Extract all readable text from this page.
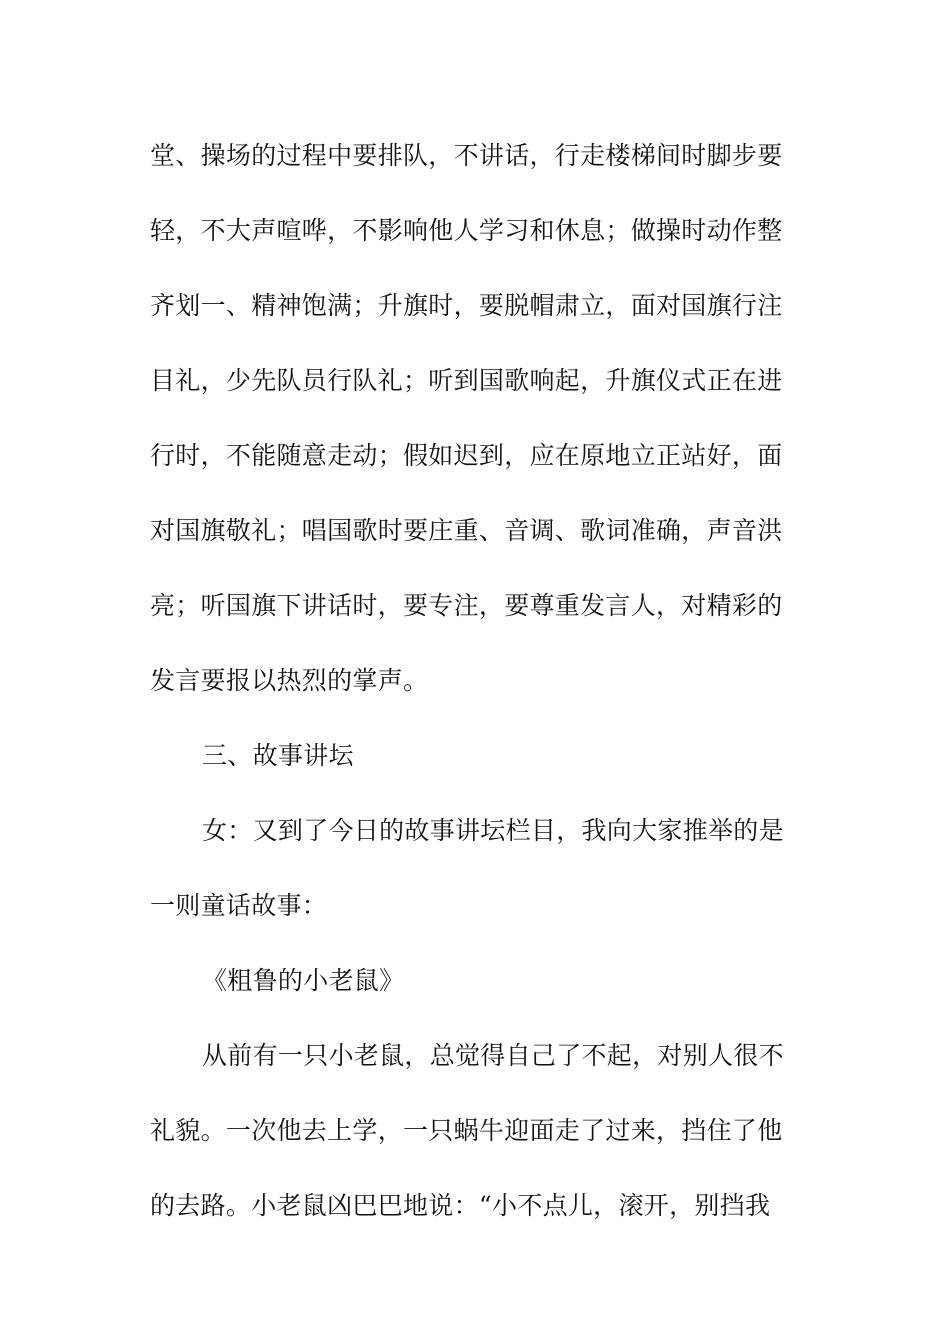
堂、操场的过程中要排队，不讲话，行走楼梯间时脚步要
轻，不大声喧哗，不影响他人学习和休息；做操时动作整
齐划一、精神饱满；升旗时，要脱帽肃立，面对国旗行注
目礼，少先队员行队礼；听到国歌响起，升旗仪式正在进
行时，不能随意走动；假如迟到，应在原地立正站好，面
对国旗敬礼；唱国歌时要庄重、音调、歌词准确，声音洪
亮；听国旗下讲话时，要专注，要尊重发言人，对精彩的
发言要报以热烈的掌声。
三、故事讲坛
女：又到了今日的故事讲坛栏目，我向大家推举的是
一则童话故事：
《粗鲁的小老鼠》
从前有一只小老鼠，总觉得自己了不起，对别人很不
礼貌。一次他去上学，一只蜗牛迎面走了过来，挡住了他
的去路。小老鼠凶巴巴地说：“小不点儿，滚开，别挡我
